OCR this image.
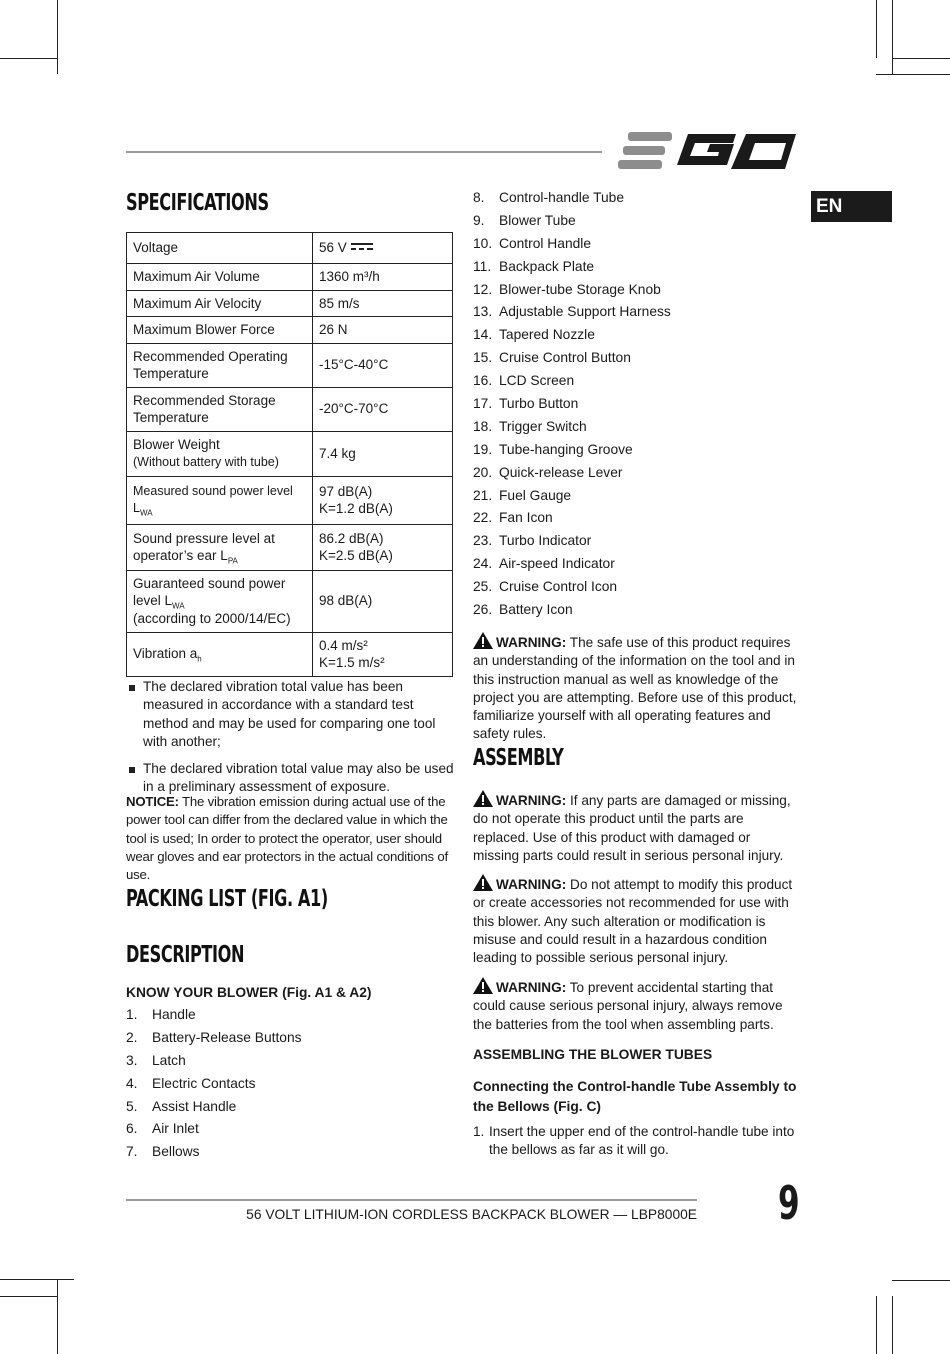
EN
SPECIFICATIONS
Voltage	56 V
Maximum Air Volume	1360 m³/h
Maximum Air Velocity	85 m/s
Maximum Blower Force	26 N
Recommended Operating Temperature	-15°C-40°C
Recommended Storage Temperature	-20°C-70°C
Blower Weight
(Without battery with tube)	7.4 kg
Measured sound power level $L_{WA}$	97 dB(A)
K=1.2 dB(A)
Sound pressure level at
operator’s ear $L_{PA}$	86.2 dB(A)
K=2.5 dB(A)
Guaranteed sound power
level $L_{WA}$
(according to 2000/14/EC)	98 dB(A)
Vibration $a_h$	0.4 m/s²
K=1.5 m/s²
The declared vibration total value has been measured in accordance with a standard test method and may be used for comparing one tool with another;
The declared vibration total value may also be used in a preliminary assessment of exposure.
NOTICE: The vibration emission during actual use of the power tool can differ from the declared value in which the tool is used; In order to protect the operator, user should wear gloves and ear protectors in the actual conditions of use.
PACKING LIST (FIG. A1)
DESCRIPTION
KNOW YOUR BLOWER (Fig. A1 & A2)
1. Handle
2. Battery-Release Buttons
3. Latch
4. Electric Contacts
5. Assist Handle
6. Air Inlet
7. Bellows
8. Control-handle Tube
9. Blower Tube
10. Control Handle
11. Backpack Plate
12. Blower-tube Storage Knob
13. Adjustable Support Harness
14. Tapered Nozzle
15. Cruise Control Button
16. LCD Screen
17. Turbo Button
18. Trigger Switch
19. Tube-hanging Groove
20. Quick-release Lever
21. Fuel Gauge
22. Fan Icon
23. Turbo Indicator
24. Air-speed Indicator
25. Cruise Control Icon
26. Battery Icon
WARNING: The safe use of this product requires an understanding of the information on the tool and in this instruction manual as well as knowledge of the project you are attempting. Before use of this product, familiarize yourself with all operating features and safety rules.
ASSEMBLY
WARNING: If any parts are damaged or missing, do not operate this product until the parts are replaced. Use of this product with damaged or missing parts could result in serious personal injury.
WARNING: Do not attempt to modify this product or create accessories not recommended for use with this blower. Any such alteration or modification is misuse and could result in a hazardous condition leading to possible serious personal injury.
WARNING: To prevent accidental starting that could cause serious personal injury, always remove the batteries from the tool when assembling parts.
ASSEMBLING THE BLOWER TUBES
Connecting the Control-handle Tube Assembly to the Bellows (Fig. C)
1. Insert the upper end of the control-handle tube into the bellows as far as it will go.
56 VOLT LITHIUM-ION CORDLESS BACKPACK BLOWER — LBP8000E 9
